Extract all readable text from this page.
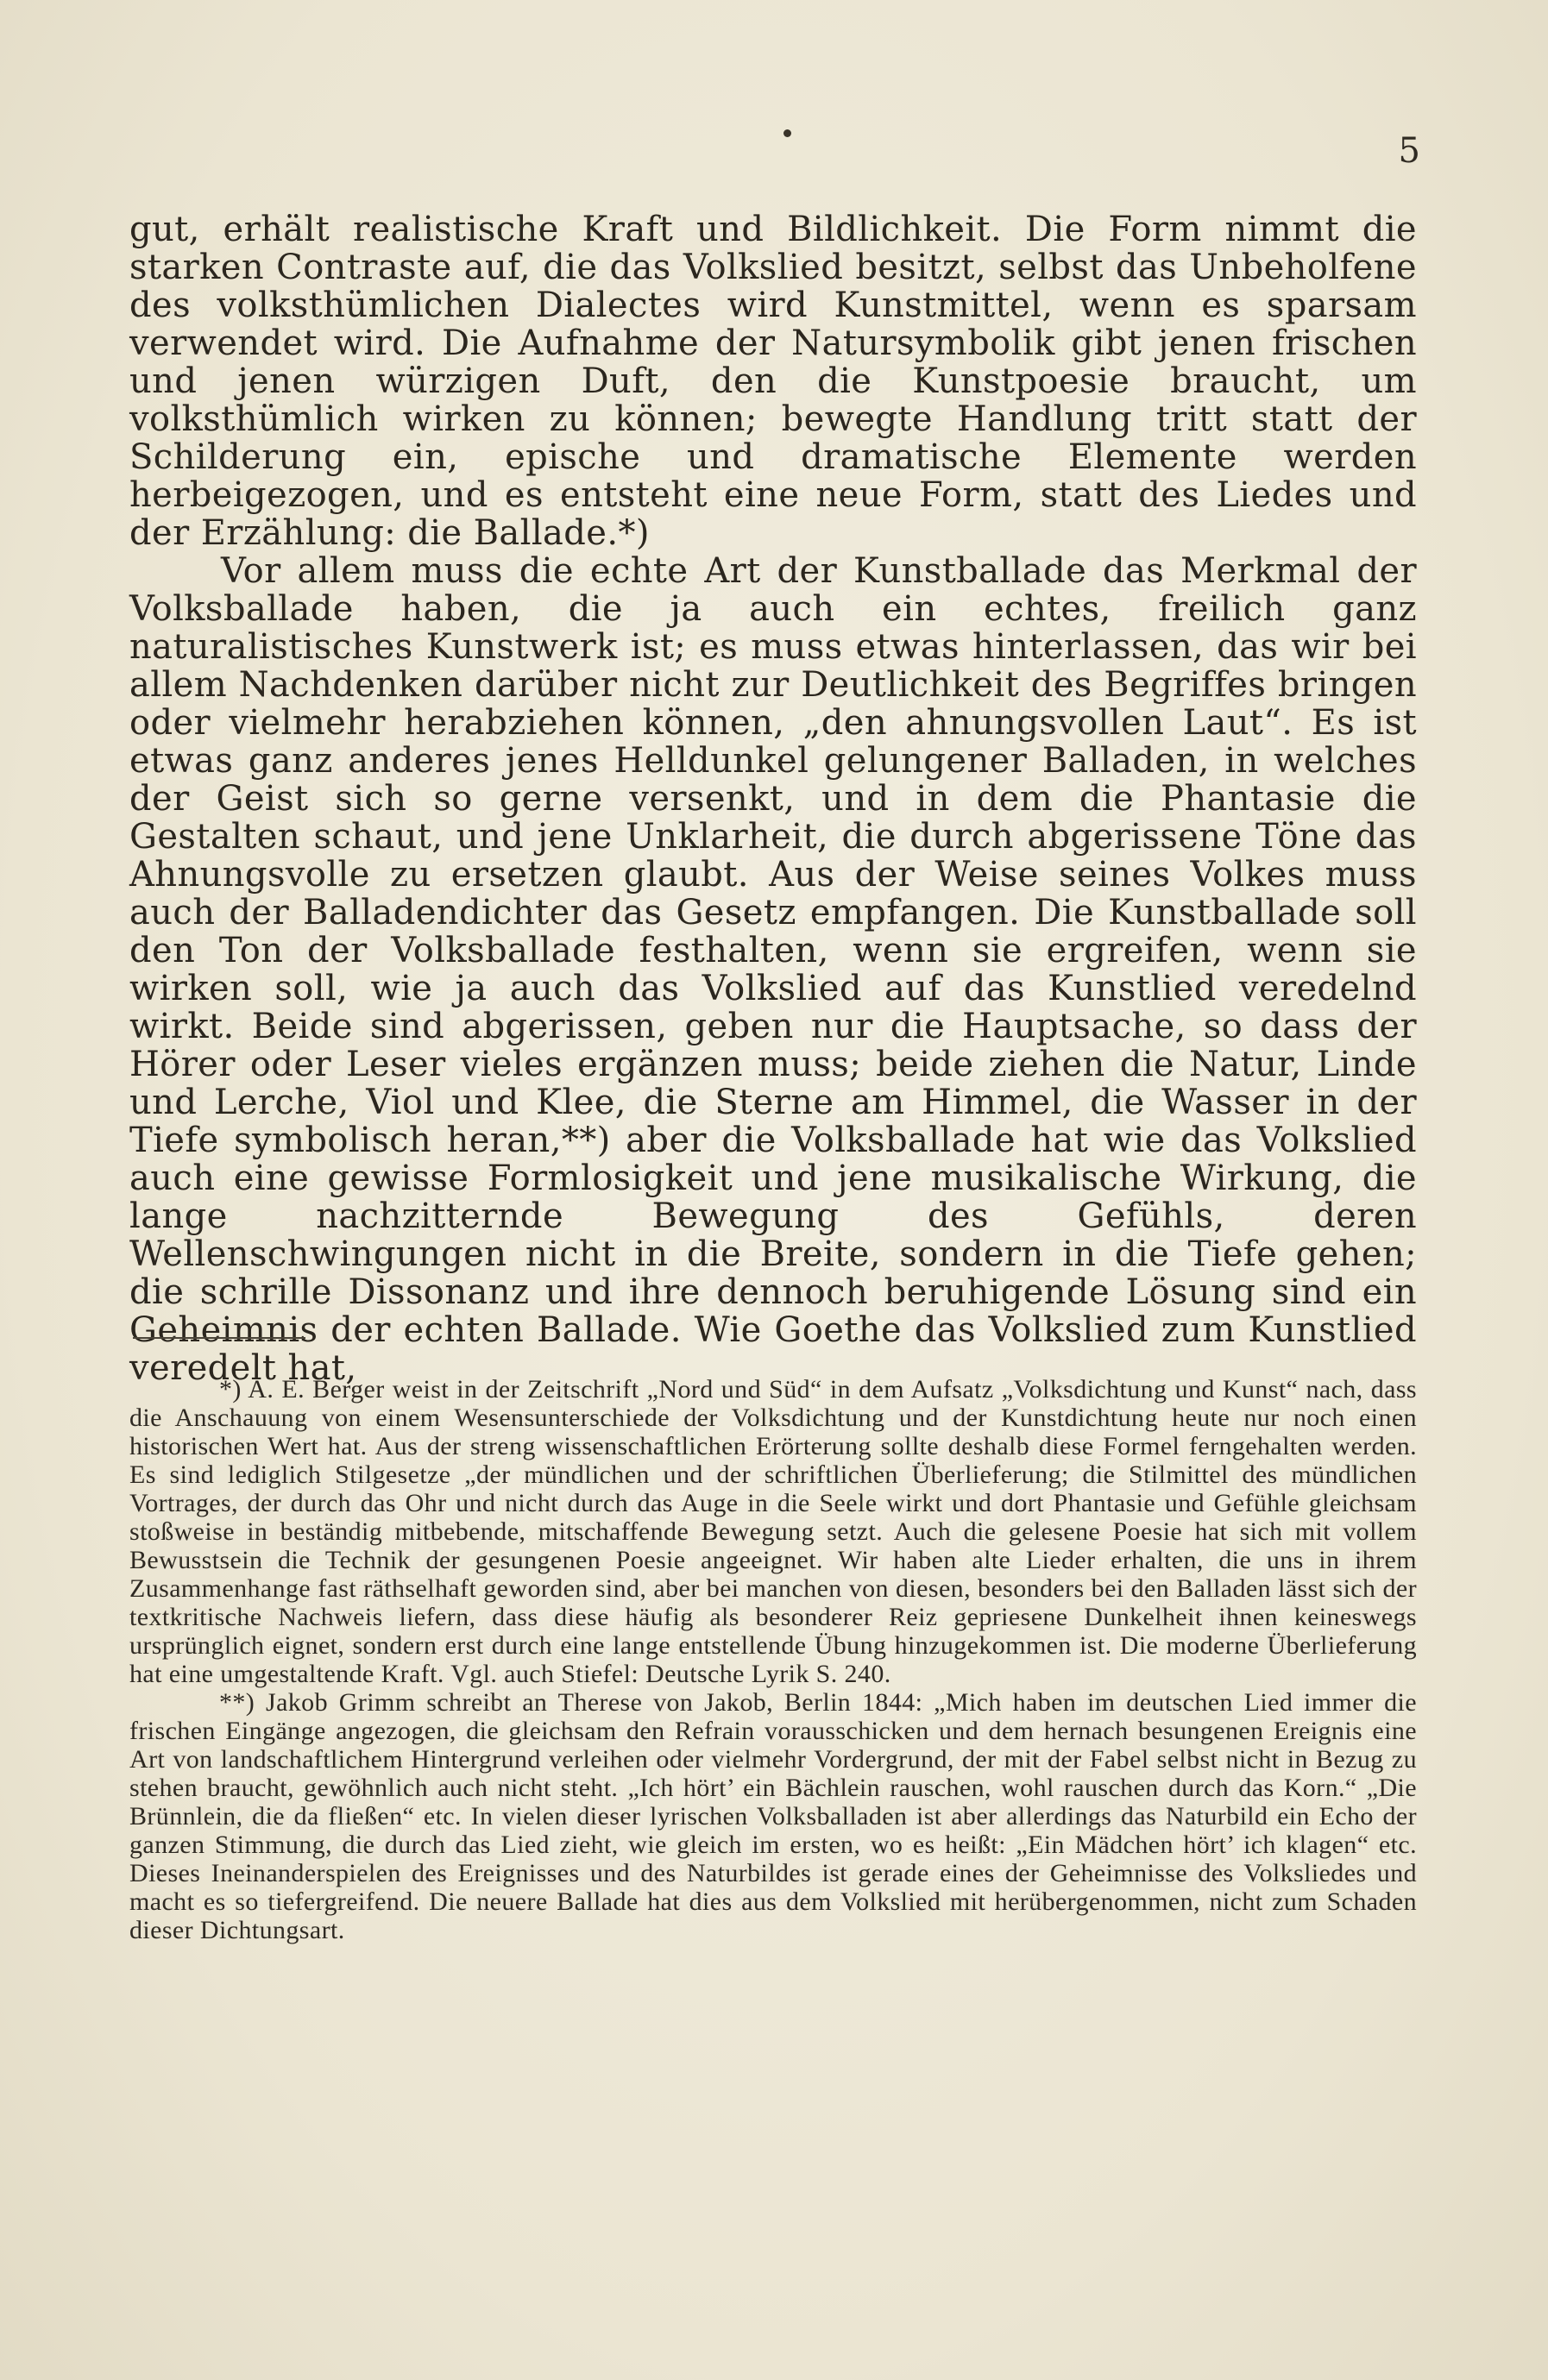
5

gut, erhält realistische Kraft und Bildlichkeit. Die Form nimmt die starken Contraste auf, die das Volkslied besitzt, selbst das Unbeholfene des volksthümlichen Dialectes wird Kunstmittel, wenn es sparsam verwendet wird. Die Aufnahme der Natursymbolik gibt jenen frischen und jenen würzigen Duft, den die Kunstpoesie braucht, um volksthümlich wirken zu können; bewegte Handlung tritt statt der Schilderung ein, epische und dramatische Elemente werden herbeigezogen, und es entsteht eine neue Form, statt des Liedes und der Erzählung: die Ballade.*)

Vor allem muss die echte Art der Kunstballade das Merkmal der Volksballade haben, die ja auch ein echtes, freilich ganz naturalistisches Kunstwerk ist; es muss etwas hinterlassen, das wir bei allem Nachdenken darüber nicht zur Deutlichkeit des Begriffes bringen oder vielmehr herabziehen können, „den ahnungsvollen Laut“. Es ist etwas ganz anderes jenes Helldunkel gelungener Balladen, in welches der Geist sich so gerne versenkt, und in dem die Phantasie die Gestalten schaut, und jene Unklarheit, die durch abgerissene Töne das Ahnungsvolle zu ersetzen glaubt. Aus der Weise seines Volkes muss auch der Balladendichter das Gesetz empfangen. Die Kunstballade soll den Ton der Volksballade festhalten, wenn sie ergreifen, wenn sie wirken soll, wie ja auch das Volkslied auf das Kunstlied veredelnd wirkt. Beide sind abgerissen, geben nur die Hauptsache, so dass der Hörer oder Leser vieles ergänzen muss; beide ziehen die Natur, Linde und Lerche, Viol und Klee, die Sterne am Himmel, die Wasser in der Tiefe symbolisch heran,**) aber die Volksballade hat wie das Volkslied auch eine gewisse Formlosigkeit und jene musikalische Wirkung, die lange nachzitternde Bewegung des Gefühls, deren Wellenschwingungen nicht in die Breite, sondern in die Tiefe gehen; die schrille Dissonanz und ihre dennoch beruhigende Lösung sind ein Geheimnis der echten Ballade. Wie Goethe das Volkslied zum Kunstlied veredelt hat,

*) A. E. Berger weist in der Zeitschrift „Nord und Süd“ in dem Aufsatz „Volksdichtung und Kunst“ nach, dass die Anschauung von einem Wesensunterschiede der Volksdichtung und der Kunstdichtung heute nur noch einen historischen Wert hat. Aus der streng wissenschaftlichen Erörterung sollte deshalb diese Formel ferngehalten werden. Es sind lediglich Stilgesetze „der mündlichen und der schriftlichen Überlieferung; die Stilmittel des mündlichen Vortrages, der durch das Ohr und nicht durch das Auge in die Seele wirkt und dort Phantasie und Gefühle gleichsam stoßweise in beständig mitbebende, mitschaffende Bewegung setzt. Auch die gelesene Poesie hat sich mit vollem Bewusstsein die Technik der gesungenen Poesie angeeignet. Wir haben alte Lieder erhalten, die uns in ihrem Zusammenhange fast räthselhaft geworden sind, aber bei manchen von diesen, besonders bei den Balladen lässt sich der textkritische Nachweis liefern, dass diese häufig als besonderer Reiz gepriesene Dunkelheit ihnen keineswegs ursprünglich eignet, sondern erst durch eine lange entstellende Übung hinzugekommen ist. Die moderne Überlieferung hat eine umgestaltende Kraft. Vgl. auch Stiefel: Deutsche Lyrik S. 240.

**) Jakob Grimm schreibt an Therese von Jakob, Berlin 1844: „Mich haben im deutschen Lied immer die frischen Eingänge angezogen, die gleichsam den Refrain vorausschicken und dem hernach besungenen Ereignis eine Art von landschaftlichem Hintergrund verleihen oder vielmehr Vordergrund, der mit der Fabel selbst nicht in Bezug zu stehen braucht, gewöhnlich auch nicht steht. „Ich hört’ ein Bächlein rauschen, wohl rauschen durch das Korn.“ „Die Brünnlein, die da fließen“ etc. In vielen dieser lyrischen Volksballaden ist aber allerdings das Naturbild ein Echo der ganzen Stimmung, die durch das Lied zieht, wie gleich im ersten, wo es heißt: „Ein Mädchen hört’ ich klagen“ etc. Dieses Ineinanderspielen des Ereignisses und des Naturbildes ist gerade eines der Geheimnisse des Volksliedes und macht es so tiefergreifend. Die neuere Ballade hat dies aus dem Volkslied mit herübergenommen, nicht zum Schaden dieser Dichtungsart.
